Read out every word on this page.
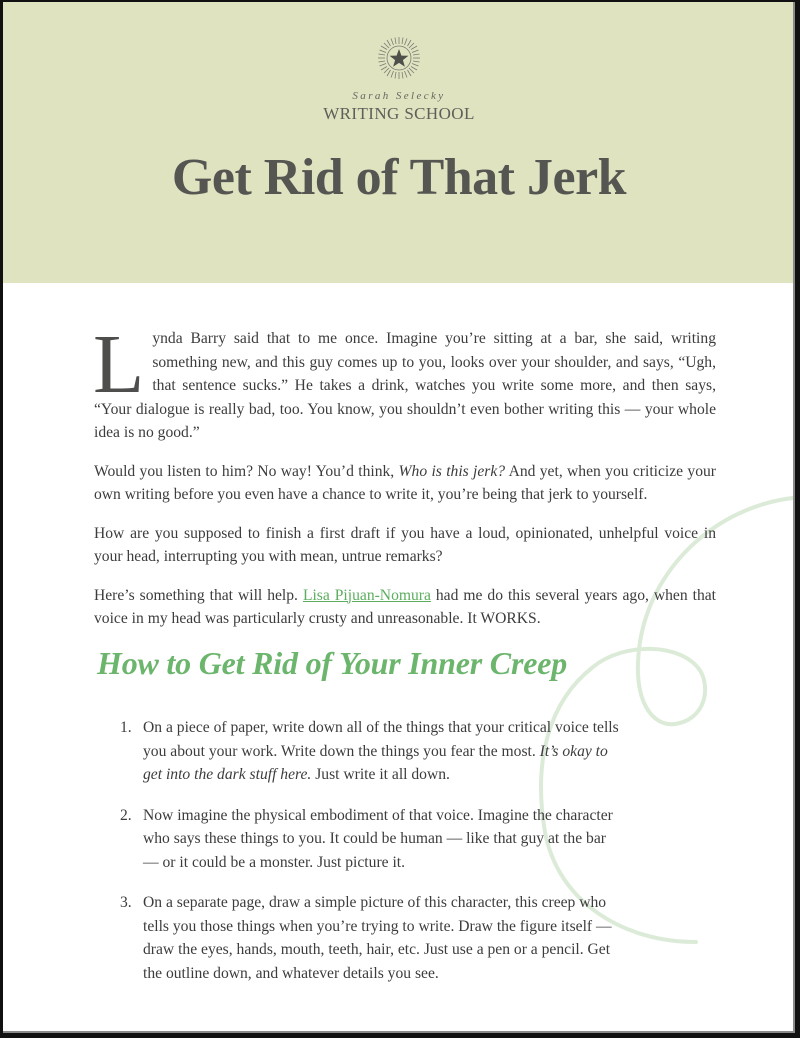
Sarah Selecky
WRITING SCHOOL
Get Rid of That Jerk

Lynda Barry said that to me once. Imagine you’re sitting at a bar, she said, writing something new, and this guy comes up to you, looks over your shoulder, and says, “Ugh, that sentence sucks.” He takes a drink, watches you write some more, and then says, “Your dialogue is really bad, too. You know, you shouldn’t even bother writing this — your whole idea is no good.”

Would you listen to him? No way! You’d think, Who is this jerk? And yet, when you criticize your own writing before you even have a chance to write it, you’re being that jerk to yourself.

How are you supposed to finish a first draft if you have a loud, opinionated, unhelpful voice in your head, interrupting you with mean, untrue remarks?

Here’s something that will help. Lisa Pijuan-Nomura had me do this several years ago, when that voice in my head was particularly crusty and unreasonable. It WORKS.

How to Get Rid of Your Inner Creep
1. On a piece of paper, write down all of the things that your critical voice tells you about your work. Write down the things you fear the most. It’s okay to get into the dark stuff here. Just write it all down.
2. Now imagine the physical embodiment of that voice. Imagine the character who says these things to you. It could be human — like that guy at the bar — or it could be a monster. Just picture it.
3. On a separate page, draw a simple picture of this character, this creep who tells you those things when you’re trying to write. Draw the figure itself — draw the eyes, hands, mouth, teeth, hair, etc. Just use a pen or a pencil. Get the outline down, and whatever details you see.
